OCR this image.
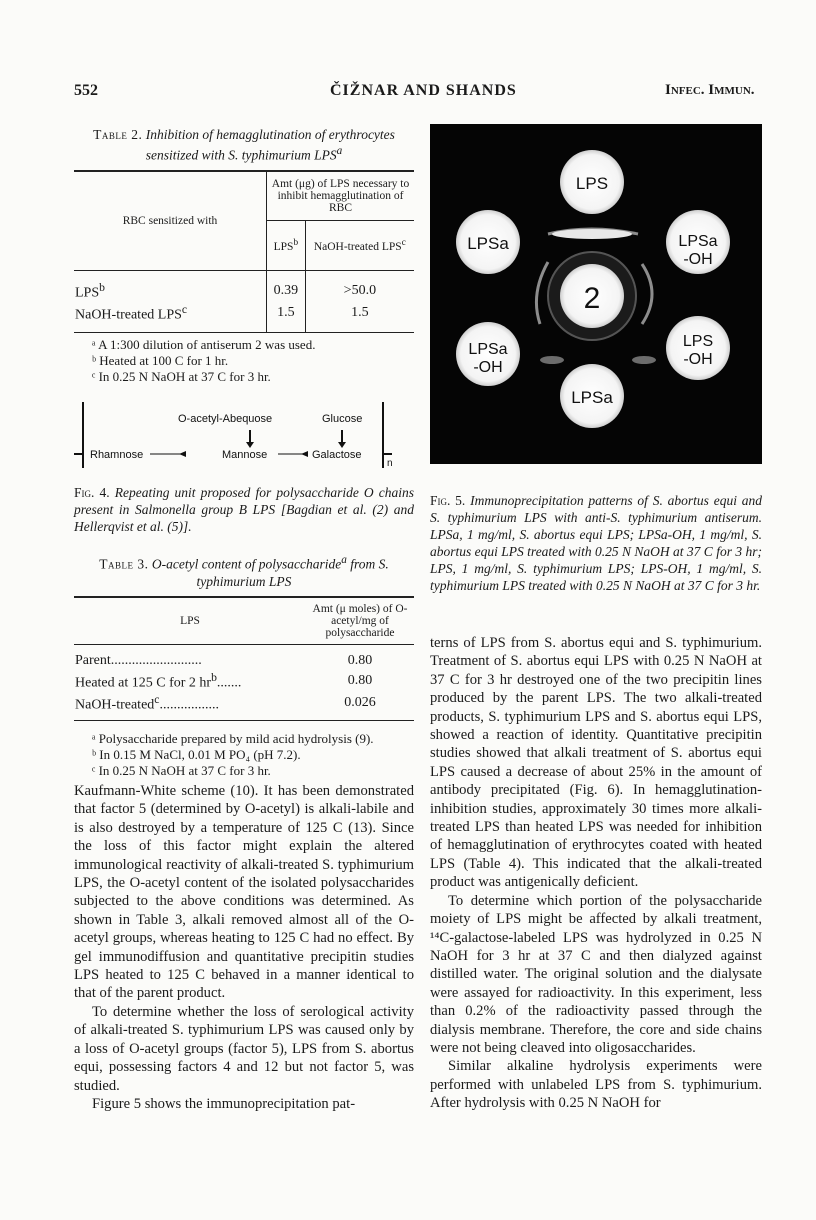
552	ČIŽNAR AND SHANDS	Infec. Immun.

Table 2. Inhibition of hemagglutination of erythrocytes sensitized with S. typhimurium LPS$^a$

RBC sensitized with	Amt (μg) of LPS necessary to inhibit hemagglutination of RBC	
	LPS$^b$	NaOH-treated LPS$^c$
LPS$^b$	0.39	>50.0
NaOH-treated LPS$^c$	1.5	1.5

ᵃ A 1:300 dilution of antiserum 2 was used.
ᵇ Heated at 100 C for 1 hr.
ᶜ In 0.25 N NaOH at 37 C for 3 hr.

O-acetyl-Abequose	Glucose
Rhamnose	Mannose	Galactose
n

Fig. 4. Repeating unit proposed for polysaccharide O chains present in Salmonella group B LPS [Bagdian et al. (2) and Hellerqvist et al. (5)].

Table 3. O-acetyl content of polysaccharide$^a$ from S. typhimurium LPS

LPS	Amt (μ moles) of O-acetyl/mg of polysaccharide
Parent..........................	0.80
Heated at 125 C for 2 $hr^b$.......	0.80
NaOH-treated$^c$.................	0.026

ᵃ Polysaccharide prepared by mild acid hydrolysis (9).
ᵇ In 0.15 M NaCl, 0.01 M PO₄ (pH 7.2).
ᶜ In 0.25 N NaOH at 37 C for 3 hr.

Kaufmann-White scheme (10). It has been demonstrated that factor 5 (determined by O-acetyl) is alkali-labile and is also destroyed by a temperature of 125 C (13). Since the loss of this factor might explain the altered immunological reactivity of alkali-treated S. typhimurium LPS, the O-acetyl content of the isolated polysaccharides subjected to the above conditions was determined. As shown in Table 3, alkali removed almost all of the O-acetyl groups, whereas heating to 125 C had no effect. By gel immunodiffusion and quantitative precipitin studies LPS heated to 125 C behaved in a manner identical to that of the parent product.

To determine whether the loss of serological activity of alkali-treated S. typhimurium LPS was caused only by a loss of O-acetyl groups (factor 5), LPS from S. abortus equi, possessing factors 4 and 12 but not factor 5, was studied.

Figure 5 shows the immunoprecipitation pat-

LPS
LPSa	LPSa
-OH
2
LPSa
-OH
LPS
-OH
LPSa

Fig. 5. Immunoprecipitation patterns of S. abortus equi and S. typhimurium LPS with anti-S. typhimurium antiserum. LPSa, 1 mg/ml, S. abortus equi LPS; LPSa-OH, 1 mg/ml, S. abortus equi LPS treated with 0.25 N NaOH at 37 C for 3 hr; LPS, 1 mg/ml, S. typhimurium LPS; LPS-OH, 1 mg/ml, S. typhimurium LPS treated with 0.25 N NaOH at 37 C for 3 hr.

terns of LPS from S. abortus equi and S. typhimurium. Treatment of S. abortus equi LPS with 0.25 N NaOH at 37 C for 3 hr destroyed one of the two precipitin lines produced by the parent LPS. The two alkali-treated products, S. typhimurium LPS and S. abortus equi LPS, showed a reaction of identity. Quantitative precipitin studies showed that alkali treatment of S. abortus equi LPS caused a decrease of about 25% in the amount of antibody precipitated (Fig. 6). In hemagglutination-inhibition studies, approximately 30 times more alkali-treated LPS than heated LPS was needed for inhibition of hemagglutination of erythrocytes coated with heated LPS (Table 4). This indicated that the alkali-treated product was antigenically deficient.

To determine which portion of the polysaccharide moiety of LPS might be affected by alkali treatment, ¹⁴C-galactose-labeled LPS was hydrolyzed in 0.25 N NaOH for 3 hr at 37 C and then dialyzed against distilled water. The original solution and the dialysate were assayed for radioactivity. In this experiment, less than 0.2% of the radioactivity passed through the dialysis membrane. Therefore, the core and side chains were not being cleaved into oligosaccharides.

Similar alkaline hydrolysis experiments were performed with unlabeled LPS from S. typhimurium. After hydrolysis with 0.25 N NaOH for
